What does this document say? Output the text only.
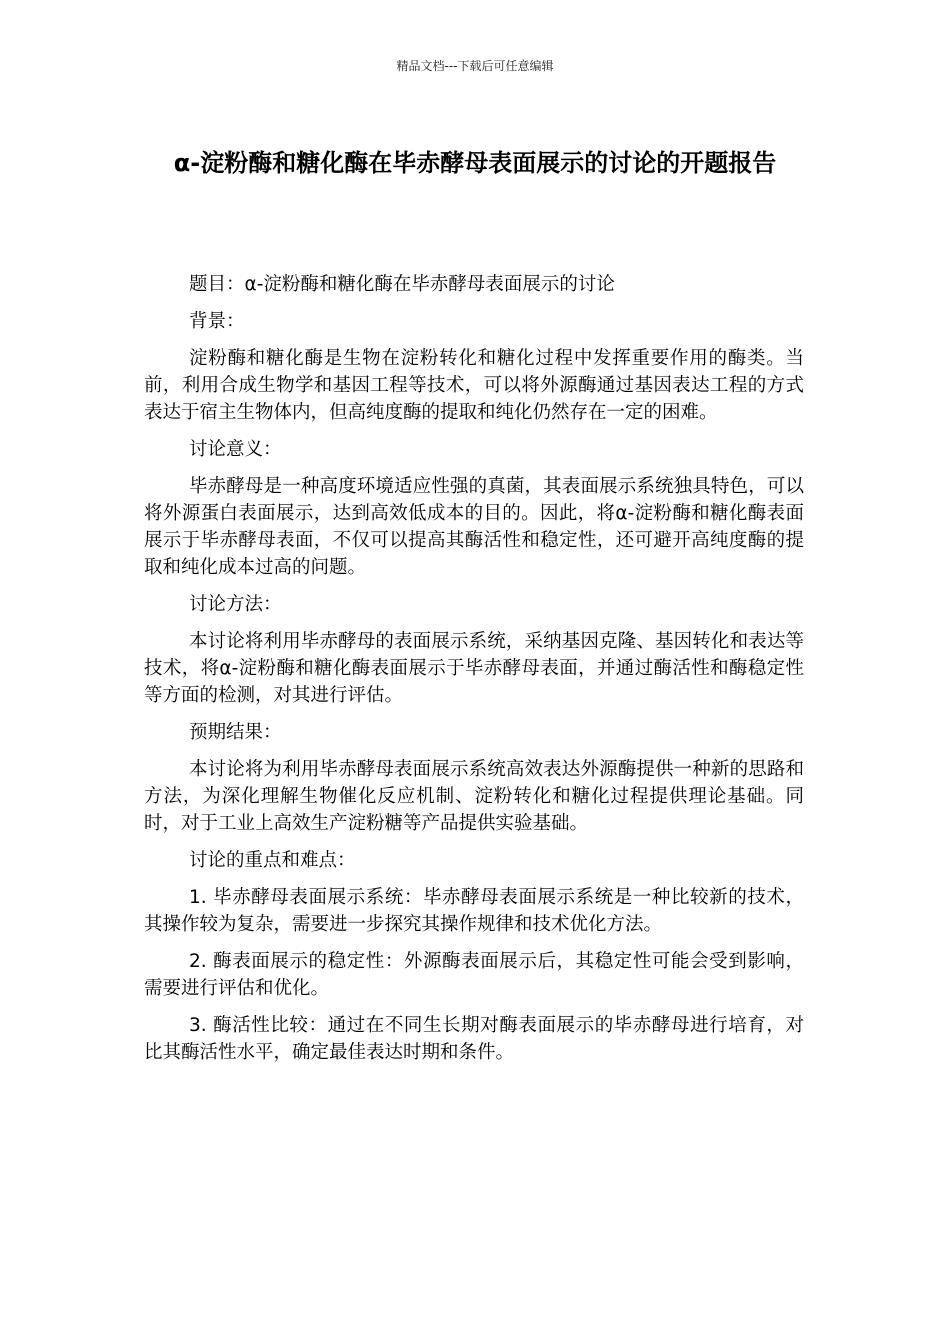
精品文档---下载后可任意编辑
α-淀粉酶和糖化酶在毕赤酵母表面展示的讨论的开题报告

题目：α-淀粉酶和糖化酶在毕赤酵母表面展示的讨论

背景：

淀粉酶和糖化酶是生物在淀粉转化和糖化过程中发挥重要作用的酶类。当前，利用合成生物学和基因工程等技术，可以将外源酶通过基因表达工程的方式表达于宿主生物体内，但高纯度酶的提取和纯化仍然存在一定的困难。

讨论意义：

毕赤酵母是一种高度环境适应性强的真菌，其表面展示系统独具特色，可以将外源蛋白表面展示，达到高效低成本的目的。因此，将α-淀粉酶和糖化酶表面展示于毕赤酵母表面，不仅可以提高其酶活性和稳定性，还可避开高纯度酶的提取和纯化成本过高的问题。

讨论方法：

本讨论将利用毕赤酵母的表面展示系统，采纳基因克隆、基因转化和表达等技术，将α-淀粉酶和糖化酶表面展示于毕赤酵母表面，并通过酶活性和酶稳定性等方面的检测，对其进行评估。

预期结果：

本讨论将为利用毕赤酵母表面展示系统高效表达外源酶提供一种新的思路和方法，为深化理解生物催化反应机制、淀粉转化和糖化过程提供理论基础。同时，对于工业上高效生产淀粉糖等产品提供实验基础。

讨论的重点和难点：

1. 毕赤酵母表面展示系统：毕赤酵母表面展示系统是一种比较新的技术，其操作较为复杂，需要进一步探究其操作规律和技术优化方法。

2. 酶表面展示的稳定性：外源酶表面展示后，其稳定性可能会受到影响，需要进行评估和优化。

3. 酶活性比较：通过在不同生长期对酶表面展示的毕赤酵母进行培育，对比其酶活性水平，确定最佳表达时期和条件。
